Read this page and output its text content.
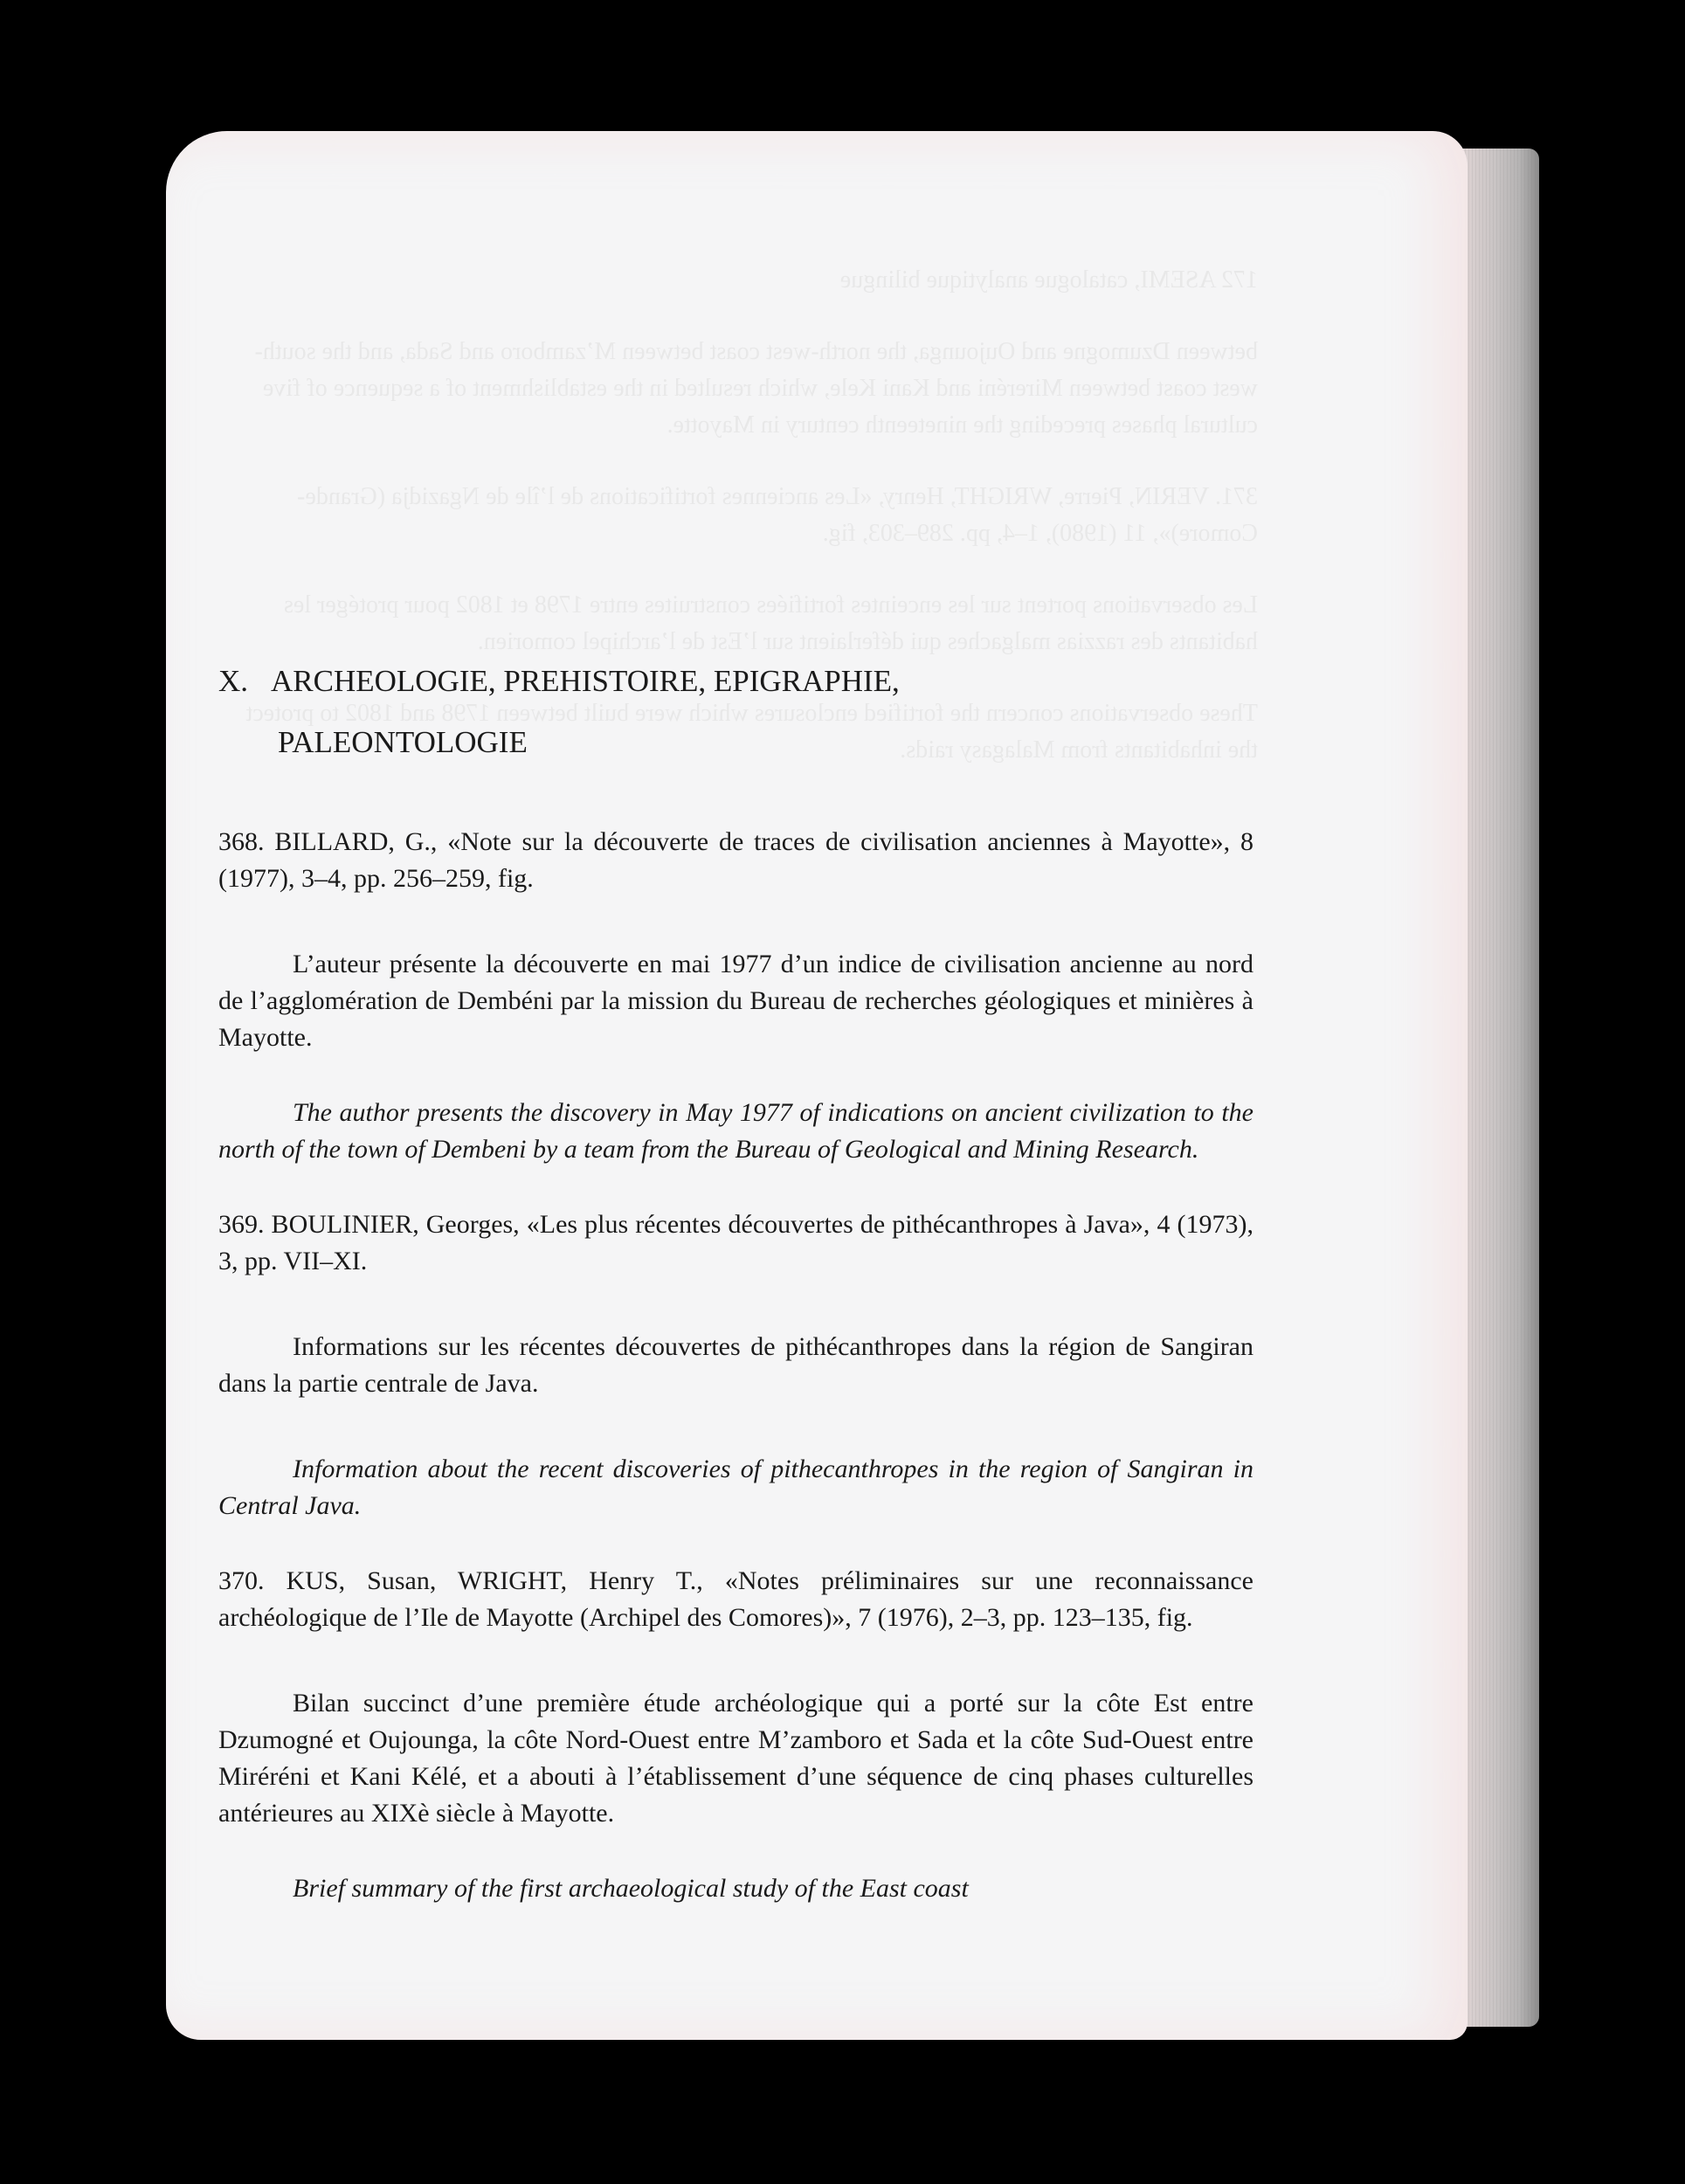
X. ARCHEOLOGIE, PREHISTOIRE, EPIGRAPHIE,
PALEONTOLOGIE

368. BILLARD, G., «Note sur la découverte de traces de civilisation anciennes à Mayotte», 8 (1977), 3–4, pp. 256–259, fig.

L’auteur présente la découverte en mai 1977 d’un indice de civilisation ancienne au nord de l’agglomération de Dembéni par la mission du Bureau de recherches géologiques et minières à Mayotte.

The author presents the discovery in May 1977 of indications on ancient civilization to the north of the town of Dembeni by a team from the Bureau of Geological and Mining Research.

369. BOULINIER, Georges, «Les plus récentes découvertes de pithécanthropes à Java», 4 (1973), 3, pp. VII–XI.

Informations sur les récentes découvertes de pithécanthropes dans la région de Sangiran dans la partie centrale de Java.

Information about the recent discoveries of pithecanthropes in the region of Sangiran in Central Java.

370. KUS, Susan, WRIGHT, Henry T., «Notes préliminaires sur une reconnaissance archéologique de l’Ile de Mayotte (Archipel des Comores)», 7 (1976), 2–3, pp. 123–135, fig.

Bilan succinct d’une première étude archéologique qui a porté sur la côte Est entre Dzumogné et Oujounga, la côte Nord-Ouest entre M’zamboro et Sada et la côte Sud-Ouest entre Miréréni et Kani Kélé, et a abouti à l’établissement d’une séquence de cinq phases culturelles antérieures au XIXè siècle à Mayotte.

Brief summary of the first archaeological study of the East coast
